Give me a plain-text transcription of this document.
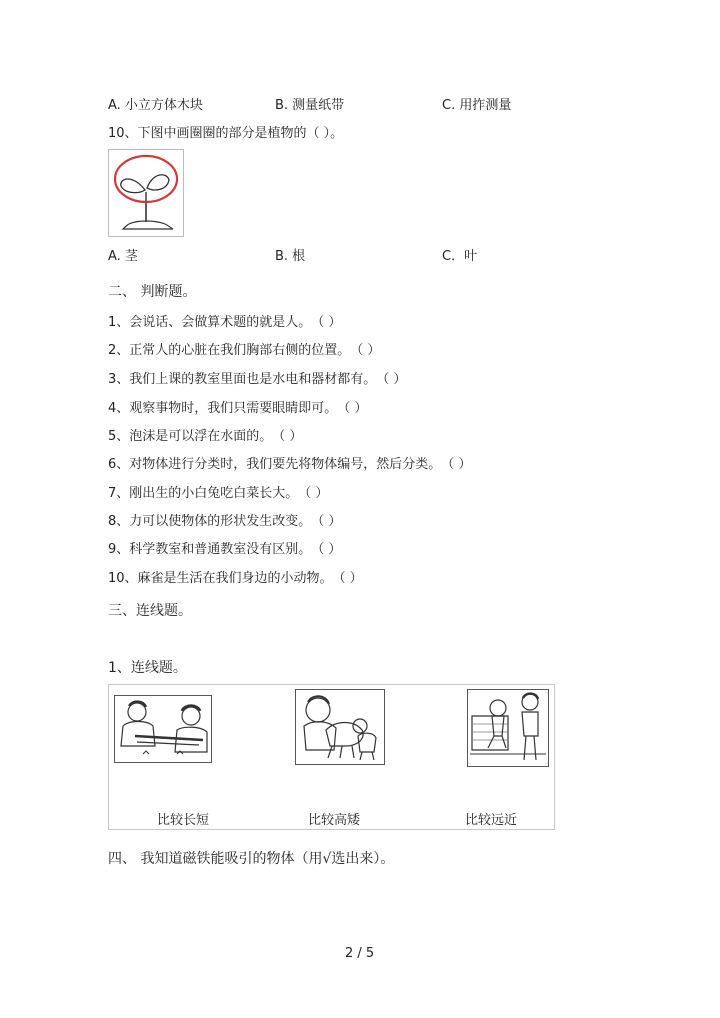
A. 小立方体木块	B. 测量纸带	C. 用拃测量
10、下图中画圈圈的部分是植物的（ ）。
A. 茎	B. 根	C．叶
二、 判断题。
1、会说话、会做算术题的就是人。（ ）
2、正常人的心脏在我们胸部右侧的位置。（ ）
3、我们上课的教室里面也是水电和器材都有。（ ）
4、观察事物时，我们只需要眼睛即可。（ ）
5、泡沫是可以浮在水面的。（ ）
6、对物体进行分类时，我们要先将物体编号，然后分类。（ ）
7、刚出生的小白兔吃白菜长大。（ ）
8、力可以使物体的形状发生改变。（ ）
9、科学教室和普通教室没有区别。（ ）
10、麻雀是生活在我们身边的小动物。（ ）
三、连线题。
1、连线题。
比较长短	比较高矮	比较远近
四、 我知道磁铁能吸引的物体（用√选出来）。
2 / 5
